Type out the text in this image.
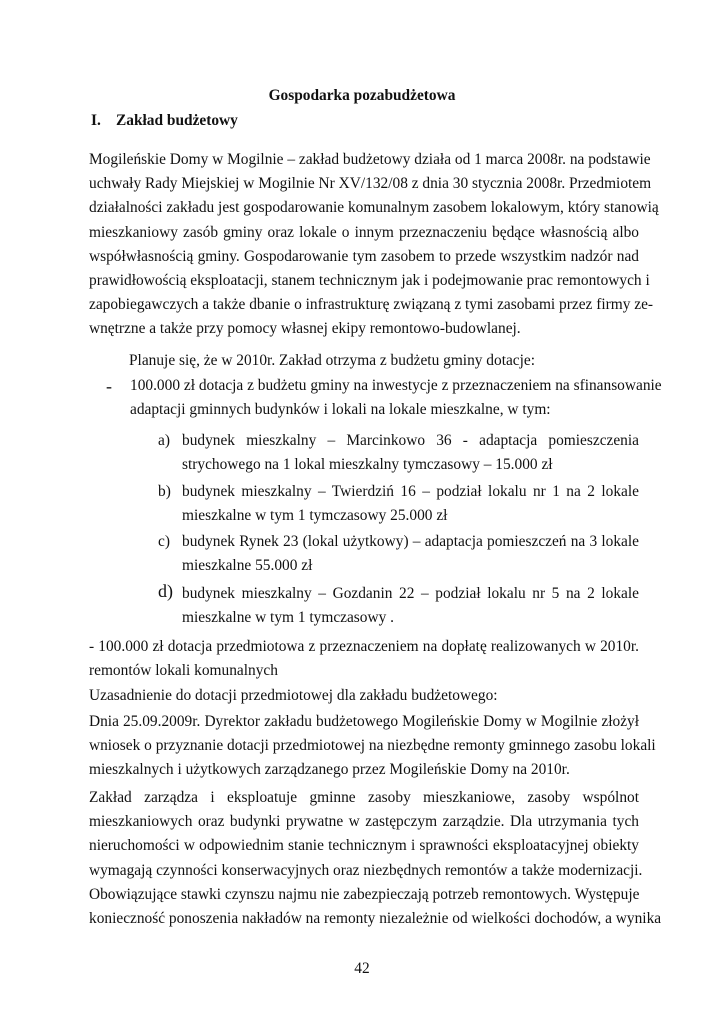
Gospodarka pozabudżetowa
I. Zakład budżetowy
Mogileńskie Domy w Mogilnie – zakład budżetowy działa od 1 marca 2008r. na podstawie
uchwały Rady Miejskiej w Mogilnie Nr XV/132/08 z dnia 30 stycznia 2008r. Przedmiotem
działalności zakładu jest gospodarowanie komunalnym zasobem lokalowym, który stanowią
mieszkaniowy zasób gminy oraz lokale o innym przeznaczeniu będące własnością albo
współwłasnością gminy. Gospodarowanie tym zasobem to przede wszystkim nadzór nad
prawidłowością eksploatacji, stanem technicznym jak i podejmowanie prac remontowych i
zapobiegawczych a także dbanie o infrastrukturę związaną z tymi zasobami przez firmy ze-
wnętrzne a także przy pomocy własnej ekipy remontowo-budowlanej.
Planuje się, że w 2010r. Zakład otrzyma z budżetu gminy dotacje:
- 100.000 zł dotacja z budżetu gminy na inwestycje z przeznaczeniem na sfinansowanie
adaptacji gminnych budynków i lokali na lokale mieszkalne, w tym:
a) budynek mieszkalny – Marcinkowo 36 - adaptacja pomieszczenia
strychowego na 1 lokal mieszkalny tymczasowy – 15.000 zł
b) budynek mieszkalny – Twierdziń 16 – podział lokalu nr 1 na 2 lokale
mieszkalne w tym 1 tymczasowy 25.000 zł
c) budynek Rynek 23 (lokal użytkowy) – adaptacja pomieszczeń na 3 lokale
mieszkalne 55.000 zł
d) budynek mieszkalny – Gozdanin 22 – podział lokalu nr 5 na 2 lokale
mieszkalne w tym 1 tymczasowy .
- 100.000 zł dotacja przedmiotowa z przeznaczeniem na dopłatę realizowanych w 2010r.
remontów lokali komunalnych
Uzasadnienie do dotacji przedmiotowej dla zakładu budżetowego:
Dnia 25.09.2009r. Dyrektor zakładu budżetowego Mogileńskie Domy w Mogilnie złożył
wniosek o przyznanie dotacji przedmiotowej na niezbędne remonty gminnego zasobu lokali
mieszkalnych i użytkowych zarządzanego przez Mogileńskie Domy na 2010r.
Zakład zarządza i eksploatuje gminne zasoby mieszkaniowe, zasoby wspólnot
mieszkaniowych oraz budynki prywatne w zastępczym zarządzie. Dla utrzymania tych
nieruchomości w odpowiednim stanie technicznym i sprawności eksploatacyjnej obiekty
wymagają czynności konserwacyjnych oraz niezbędnych remontów a także modernizacji.
Obowiązujące stawki czynszu najmu nie zabezpieczają potrzeb remontowych. Występuje
konieczność ponoszenia nakładów na remonty niezależnie od wielkości dochodów, a wynika
42
